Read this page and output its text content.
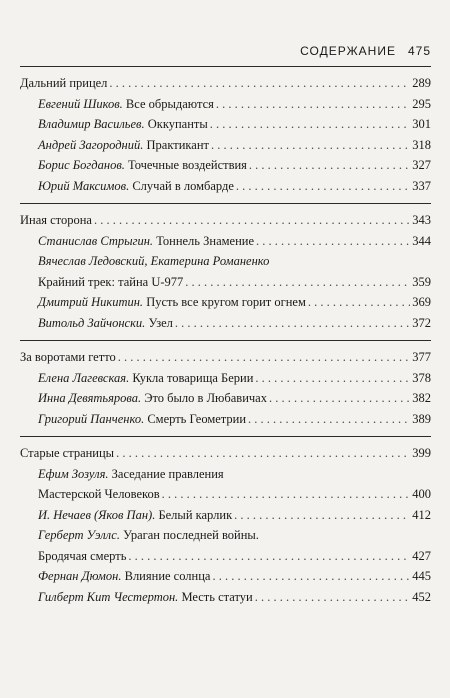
СОДЕРЖАНИЕ 475
Дальний прицел . . .	289
Евгений Шиков. Все обрыдаются . . .	295
Владимир Васильев. Оккупанты . . .	301
Андрей Загородний. Практикант . . .	318
Борис Богданов. Точечные воздействия . . .	327
Юрий Максимов. Случай в ломбарде . . .	337
Иная сторона . . .	343
Станислав Стрыгин. Тоннель Знамение . . .	344
Вячеслав Ледовский, Екатерина Романенко
Крайний трек: тайна U-977 . . .	359
Дмитрий Никитин. Пусть все кругом горит огнем . . .	369
Витольд Зайчонски. Узел . . .	372
За воротами гетто . . .	377
Елена Лагевская. Кукла товарища Берии . . .	378
Инна Девятьярова. Это было в Любавичах . . .	382
Григорий Панченко. Смерть Геометрии . . .	389
Старые страницы . . .	399
Ефим Зозуля. Заседание правления
Мастерской Человеков . . .	400
И. Нечаев (Яков Пан). Белый карлик . . .	412
Герберт Уэллс. Ураган последней войны.
Бродячая смерть . . .	427
Фернан Дюмон. Влияние солнца . . .	445
Гилберт Кит Честертон. Месть статуи . . .	452
